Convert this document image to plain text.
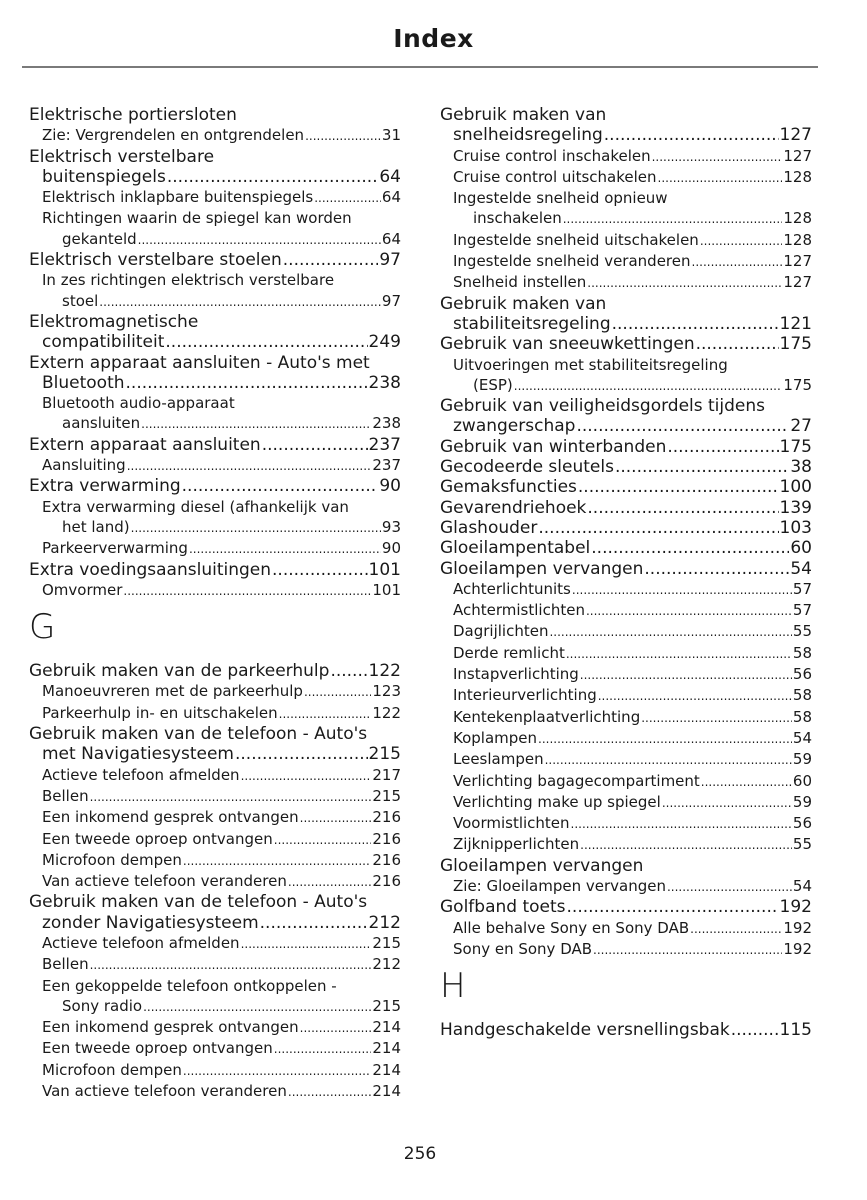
Index
Elektrische portiersloten
Zie: Vergrendelen en ontgrendelen .....	31
Elektrisch verstelbare
buitenspiegels .....	64
Elektrisch inklapbare buitenspiegels .....	64
Richtingen waarin de spiegel kan worden
gekanteld .....	64
Elektrisch verstelbare stoelen .....	97
In zes richtingen elektrisch verstelbare
stoel .....	97
Elektromagnetische
compatibiliteit .....	249
Extern apparaat aansluiten - Auto's met
Bluetooth .....	238
Bluetooth audio-apparaat
aansluiten .....	238
Extern apparaat aansluiten .....	237
Aansluiting .....	237
Extra verwarming .....	90
Extra verwarming diesel (afhankelijk van
het land) .....	93
Parkeerverwarming .....	90
Extra voedingsaansluitingen .....	101
Omvormer .....	101
G
Gebruik maken van de parkeerhulp ..... 122
Manoeuvreren met de parkeerhulp .....	123
Parkeerhulp in- en uitschakelen .....	122
Gebruik maken van de telefoon - Auto's
met Navigatiesysteem .....	215
Actieve telefoon afmelden .....	217
Bellen .....	215
Een inkomend gesprek ontvangen .....	216
Een tweede oproep ontvangen .....	216
Microfoon dempen .....	216
Van actieve telefoon veranderen .....	216
Gebruik maken van de telefoon - Auto's
zonder Navigatiesysteem .....	212
Actieve telefoon afmelden .....	215
Bellen .....	212
Een gekoppelde telefoon ontkoppelen -
Sony radio .....	215
Een inkomend gesprek ontvangen .....	214
Een tweede oproep ontvangen .....	214
Microfoon dempen .....	214
Van actieve telefoon veranderen .....	214
Gebruik maken van
snelheidsregeling .....	127
Cruise control inschakelen .....	127
Cruise control uitschakelen .....	128
Ingestelde snelheid opnieuw
inschakelen .....	128
Ingestelde snelheid uitschakelen .....	128
Ingestelde snelheid veranderen .....	127
Snelheid instellen .....	127
Gebruik maken van
stabiliteitsregeling .....	121
Gebruik van sneeuwkettingen .....	175
Uitvoeringen met stabiliteitsregeling
(ESP) .....	175
Gebruik van veiligheidsgordels tijdens
zwangerschap .....	27
Gebruik van winterbanden .....	175
Gecodeerde sleutels .....	38
Gemaksfuncties .....	100
Gevarendriehoek .....	139
Glashouder .....	103
Gloeilampentabel .....	60
Gloeilampen vervangen .....	54
Achterlichtunits .....	57
Achtermistlichten .....	57
Dagrijlichten .....	55
Derde remlicht .....	58
Instapverlichting .....	56
Interieurverlichting .....	58
Kentekenplaatverlichting .....	58
Koplampen .....	54
Leeslampen .....	59
Verlichting bagagecompartiment .....	60
Verlichting make up spiegel .....	59
Voormistlichten .....	56
Zijknipperlichten .....	55
Gloeilampen vervangen
Zie: Gloeilampen vervangen .....	54
Golfband toets .....	192
Alle behalve Sony en Sony DAB .....	192
Sony en Sony DAB .....	192
H
Handgeschakelde versnellingsbak .....	115
256
